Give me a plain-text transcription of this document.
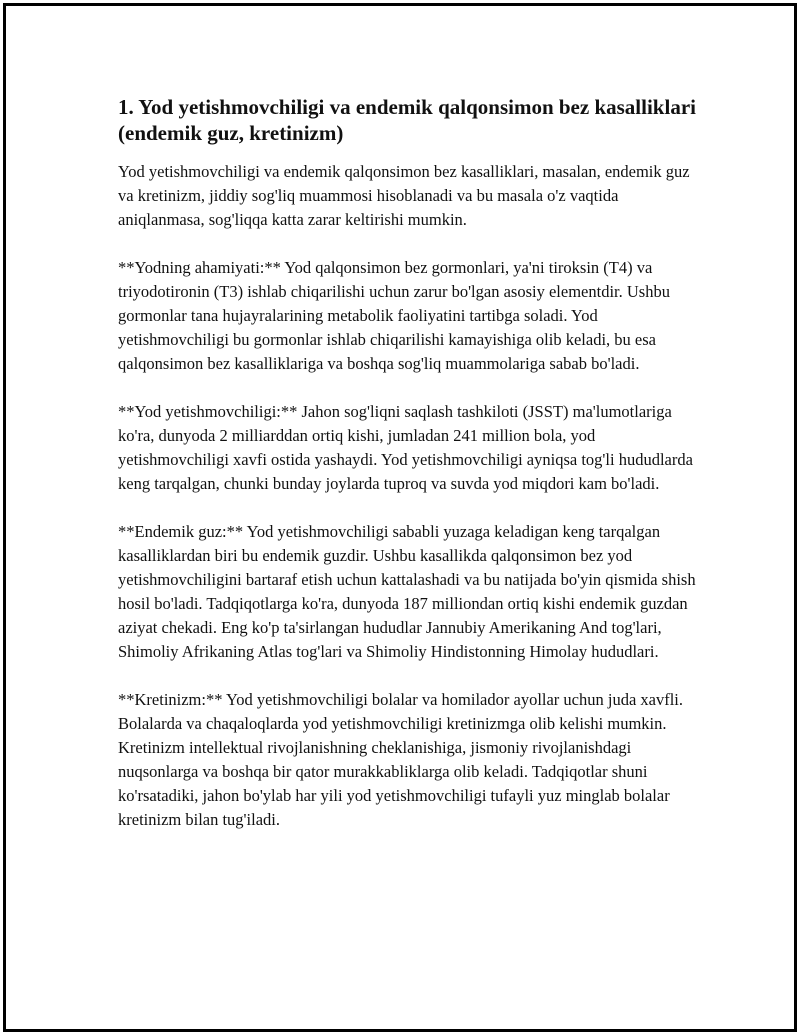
1. Yod yetishmovchiligi va endemik qalqonsimon bez kasalliklari (endemik guz, kretinizm)

Yod yetishmovchiligi va endemik qalqonsimon bez kasalliklari, masalan, endemik guz va kretinizm, jiddiy sog'liq muammosi hisoblanadi va bu masala o'z vaqtida aniqlanmasa, sog'liqqa katta zarar keltirishi mumkin.

**Yodning ahamiyati:** Yod qalqonsimon bez gormonlari, ya'ni tiroksin (T4) va triyodotironin (T3) ishlab chiqarilishi uchun zarur bo'lgan asosiy elementdir. Ushbu gormonlar tana hujayralarining metabolik faoliyatini tartibga soladi. Yod yetishmovchiligi bu gormonlar ishlab chiqarilishi kamayishiga olib keladi, bu esa qalqonsimon bez kasalliklariga va boshqa sog'liq muammolariga sabab bo'ladi.

**Yod yetishmovchiligi:** Jahon sog'liqni saqlash tashkiloti (JSST) ma'lumotlariga ko'ra, dunyoda 2 milliarddan ortiq kishi, jumladan 241 million bola, yod yetishmovchiligi xavfi ostida yashaydi. Yod yetishmovchiligi ayniqsa tog'li hududlarda keng tarqalgan, chunki bunday joylarda tuproq va suvda yod miqdori kam bo'ladi.

**Endemik guz:** Yod yetishmovchiligi sababli yuzaga keladigan keng tarqalgan kasalliklardan biri bu endemik guzdir. Ushbu kasallikda qalqonsimon bez yod yetishmovchiligini bartaraf etish uchun kattalashadi va bu natijada bo'yin qismida shish hosil bo'ladi. Tadqiqotlarga ko'ra, dunyoda 187 milliondan ortiq kishi endemik guzdan aziyat chekadi. Eng ko'p ta'sirlangan hududlar Jannubiy Amerikaning And tog'lari, Shimoliy Afrikaning Atlas tog'lari va Shimoliy Hindistonning Himolay hududlari.

**Kretinizm:** Yod yetishmovchiligi bolalar va homilador ayollar uchun juda xavfli. Bolalarda va chaqaloqlarda yod yetishmovchiligi kretinizmga olib kelishi mumkin. Kretinizm intellektual rivojlanishning cheklanishiga, jismoniy rivojlanishdagi nuqsonlarga va boshqa bir qator murakkabliklarga olib keladi. Tadqiqotlar shuni ko'rsatadiki, jahon bo'ylab har yili yod yetishmovchiligi tufayli yuz minglab bolalar kretinizm bilan tug'iladi.
